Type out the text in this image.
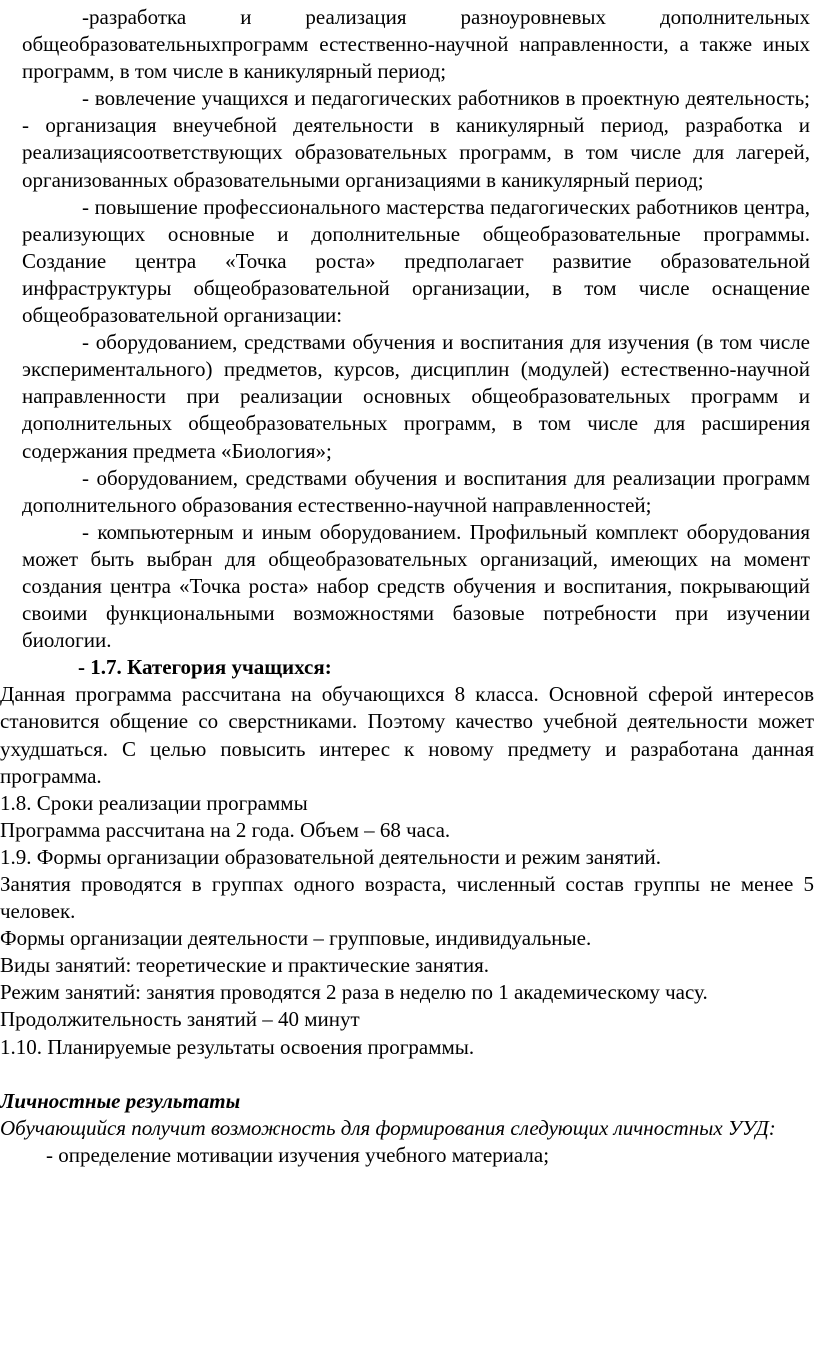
-разработка и реализация разноуровневых дополнительных общеобразовательныхпрограмм естественно-научной направленности, а также иных программ, в том числе в каникулярный период;

- вовлечение учащихся и педагогических работников в проектную деятельность; - организация внеучебной деятельности в каникулярный период, разработка и реализациясоответствующих образовательных программ, в том числе для лагерей, организованных образовательными организациями в каникулярный период;

- повышение профессионального мастерства педагогических работников центра, реализующих основные и дополнительные общеобразовательные программы. Создание центра «Точка роста» предполагает развитие образовательной инфраструктуры общеобразовательной организации, в том числе оснащение общеобразовательной организации:

- оборудованием, средствами обучения и воспитания для изучения (в том числе экспериментального) предметов, курсов, дисциплин (модулей) естественно-научной направленности при реализации основных общеобразовательных программ и дополнительных общеобразовательных программ, в том числе для расширения содержания предмета «Биология»;

- оборудованием, средствами обучения и воспитания для реализации программ дополнительного образования естественно-научной направленностей;

- компьютерным и иным оборудованием. Профильный комплект оборудования может быть выбран для общеобразовательных организаций, имеющих на момент создания центра «Точка роста» набор средств обучения и воспитания, покрывающий своими функциональными возможностями базовые потребности при изучении биологии.

- 1.7. Категория учащихся:

Данная программа рассчитана на обучающихся 8 класса. Основной сферой интересов становится общение со сверстниками. Поэтому качество учебной деятельности может ухудшаться. С целью повысить интерес к новому предмету и разработана данная программа.

1.8. Сроки реализации программы

Программа рассчитана на 2 года. Объем – 68 часа.

1.9. Формы организации образовательной деятельности и режим занятий.

Занятия проводятся в группах одного возраста, численный состав группы не менее 5 человек.

Формы организации деятельности – групповые, индивидуальные.

Виды занятий: теоретические и практические занятия.

Режим занятий: занятия проводятся 2 раза в неделю по 1 академическому часу.

Продолжительность занятий – 40 минут

1.10. Планируемые результаты освоения программы.

Личностные результаты

Обучающийся получит возможность для формирования следующих личностных УУД:

- определение мотивации изучения учебного материала;
